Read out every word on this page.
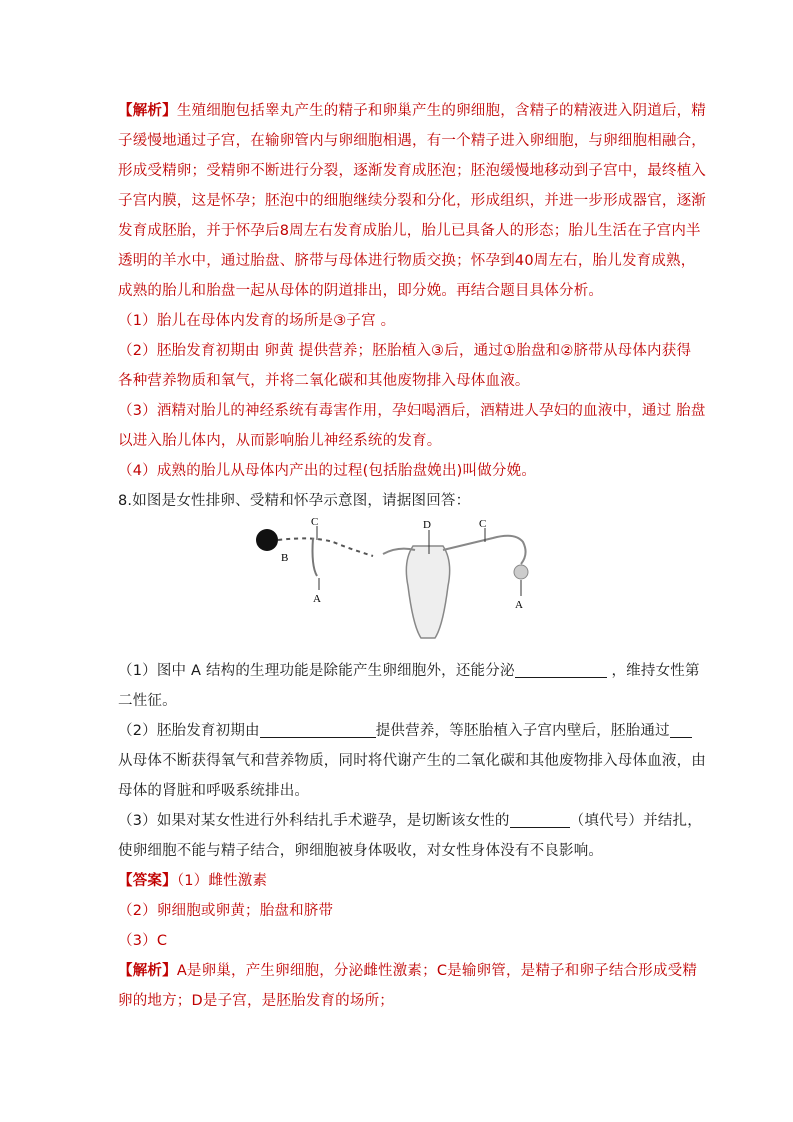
【解析】生殖细胞包括睾丸产生的精子和卵巢产生的卵细胞，含精子的精液进入阴道后，精
子缓慢地通过子宫，在输卵管内与卵细胞相遇，有一个精子进入卵细胞，与卵细胞相融合，
形成受精卵；受精卵不断进行分裂，逐渐发育成胚泡；胚泡缓慢地移动到子宫中，最终植入
子宫内膜，这是怀孕；胚泡中的细胞继续分裂和分化，形成组织，并进一步形成器官，逐渐
发育成胚胎，并于怀孕后8周左右发育成胎儿，胎儿已具备人的形态；胎儿生活在子宫内半
透明的羊水中，通过胎盘、脐带与母体进行物质交换；怀孕到40周左右，胎儿发育成熟，
成熟的胎儿和胎盘一起从母体的阴道排出，即分娩。再结合题目具体分析。
（1）胎儿在母体内发育的场所是③子宫 。
（2）胚胎发育初期由 卵黄 提供营养；胚胎植入③后，通过①胎盘和②脐带从母体内获得
各种营养物质和氧气，并将二氧化碳和其他废物排入母体血液。
（3）酒精对胎儿的神经系统有毒害作用，孕妇喝酒后，酒精进人孕妇的血液中，通过 胎盘
以进入胎儿体内，从而影响胎儿神经系统的发育。
（4）成熟的胎儿从母体内产出的过程(包括胎盘娩出)叫做分娩。
8.如图是女性排卵、受精和怀孕示意图，请据图回答：
C
B
A
D	C
A
（1）图中 A 结构的生理功能是除能产生卵细胞外，还能分泌	，维持女性第
二性征。
（2）胚胎发育初期由	提供营养，等胚胎植入子宫内壁后，胚胎通过
从母体不断获得氧气和营养物质，同时将代谢产生的二氧化碳和其他废物排入母体血液，由
母体的肾脏和呼吸系统排出。
（3）如果对某女性进行外科结扎手术避孕，是切断该女性的	（填代号）并结扎，
使卵细胞不能与精子结合，卵细胞被身体吸收，对女性身体没有不良影响。
【答案】（1）雌性激素
（2）卵细胞或卵黄；胎盘和脐带
（3）C
【解析】A是卵巢，产生卵细胞，分泌雌性激素；C是输卵管，是精子和卵子结合形成受精
卵的地方；D是子宫，是胚胎发育的场所；
